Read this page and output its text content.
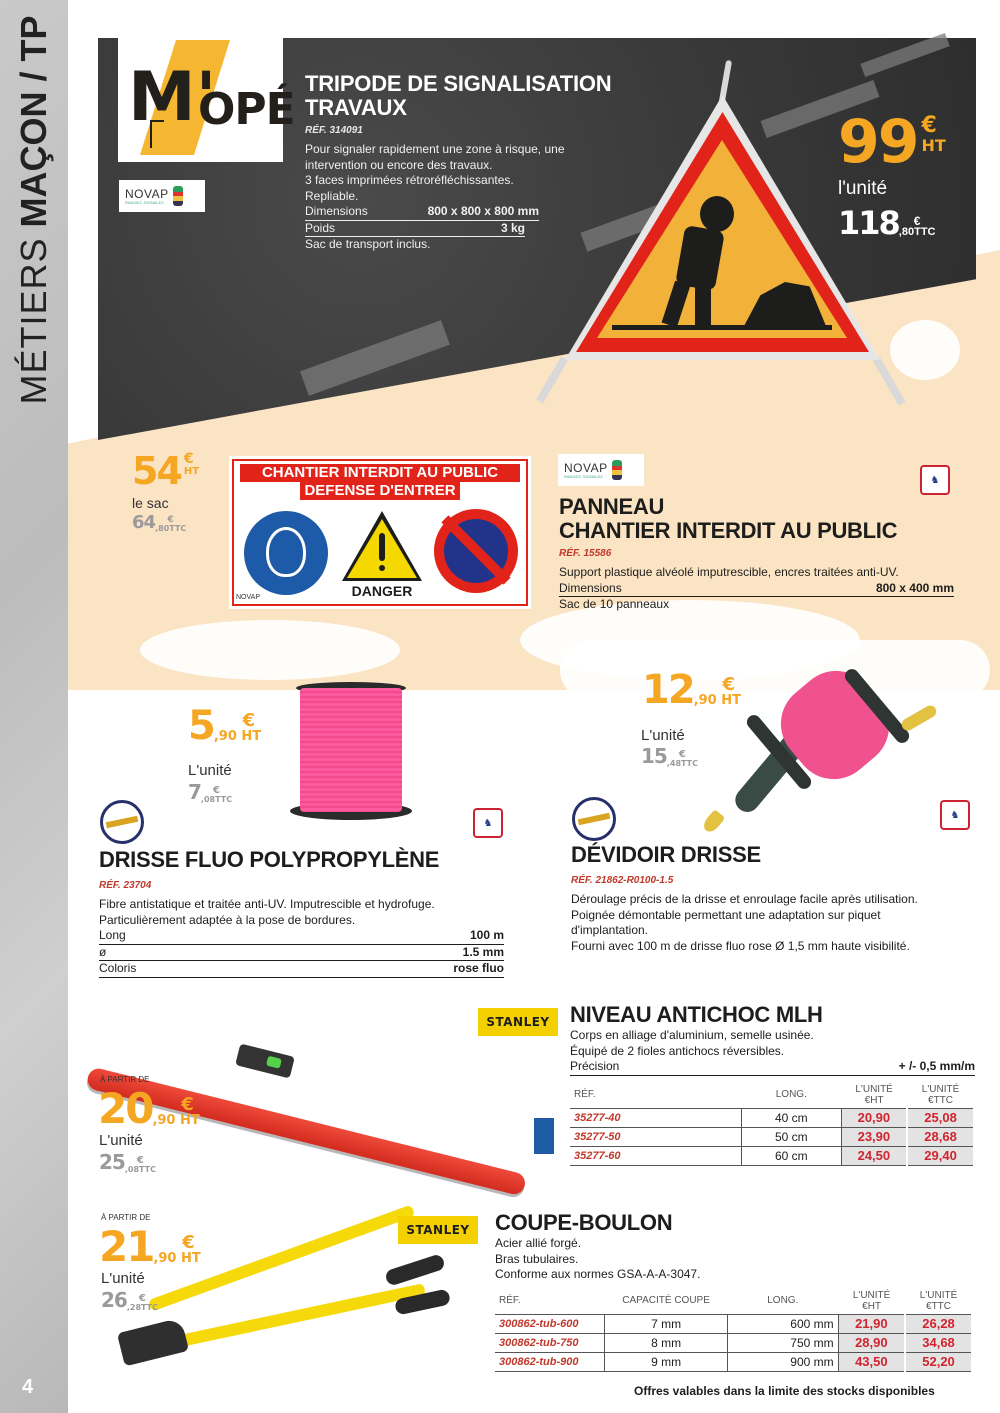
MÉTIERS MAÇON / TP
4
M'
OPÉ
NOVAP
RANGEZ, SIGNALEZ
TRIPODE DE SIGNALISATION
TRAVAUX
RÉF. 314091
Pour signaler rapidement une zone à risque, une
intervention ou encore des travaux.
3 faces imprimées rétroréfléchissantes.
Repliable.
Dimensions	800 x 800 x 800 mm
Poids	3 kg
Sac de transport inclus.
99 €
HT
l'unité
118 €
,80TTC
54 €
HT
le sac
64 €
,80TTC
CHANTIER INTERDIT AU PUBLIC
DEFENSE D'ENTRER
DANGER
NOVAP
NOVAP
RANGEZ, SIGNALEZ	♞
PANNEAU
CHANTIER INTERDIT AU PUBLIC
RÉF. 15586
Support plastique alvéolé imputrescible, encres traitées anti-UV.
Dimensions	800 x 400 mm
Sac de 10 panneaux
5 €
,90 HT
L'unité
7 €
,08TTC
♞
DRISSE FLUO POLYPROPYLÈNE
RÉF. 23704
Fibre antistatique et traitée anti-UV. Imputrescible et hydrofuge.
Particulièrement adaptée à la pose de bordures.
Long	100 m
ø	1.5 mm
Coloris	rose fluo
12 €
,90 HT
L'unité
15 €
,48TTC
♞
DÉVIDOIR DRISSE
RÉF. 21862-R0100-1.5
Déroulage précis de la drisse et enroulage facile après utilisation.
Poignée démontable permettant une adaptation sur piquet
d'implantation.
Fourni avec 100 m de drisse fluo rose Ø 1,5 mm haute visibilité.
STANLEY
À PARTIR DE
20 €
,90 HT
L'unité
25 €
,08TTC
NIVEAU ANTICHOC MLH
Corps en alliage d'aluminium, semelle usinée.
Équipé de 2 fioles antichocs réversibles.
Précision	+ /- 0,5 mm/m
RÉF.	LONG.	L'UNITÉ €HT	L'UNITÉ €TTC
35277-40	40 cm	20,90	25,08
35277-50	50 cm	23,90	28,68
35277-60	60 cm	24,50	29,40
STANLEY
À PARTIR DE
21 €
,90 HT
L'unité
26 €
,28TTC
COUPE-BOULON
Acier allié forgé.
Bras tubulaires.
Conforme aux normes GSA-A-A-3047.
RÉF.	CAPACITÉ COUPE	LONG.	L'UNITÉ €HT	L'UNITÉ €TTC
300862-tub-600	7 mm	600 mm	21,90	26,28
300862-tub-750	8 mm	750 mm	28,90	34,68
300862-tub-900	9 mm	900 mm	43,50	52,20
Offres valables dans la limite des stocks disponibles
